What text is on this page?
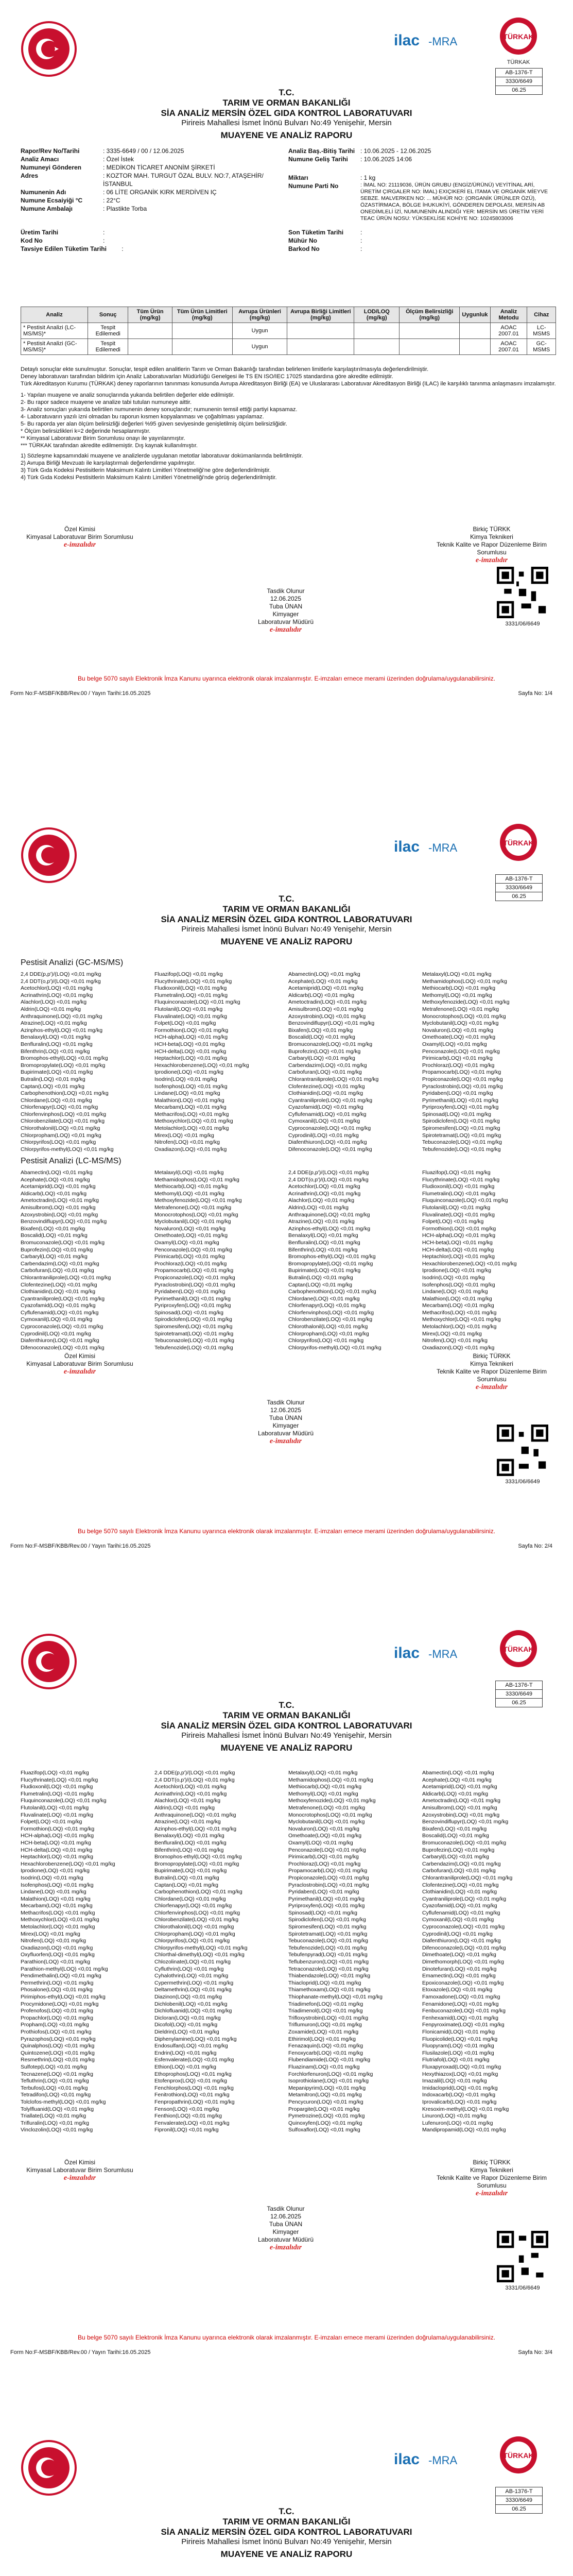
ilac -MRA	TÜRKAK
TÜRKAK
AB-1376-T
3330/6649
06.25
T.C.
TARIM VE ORMAN BAKANLIĞI
SİA ANALİZ MERSİN ÖZEL GIDA KONTROL LABORATUVARI
Pirireis Mahallesi İsmet İnönü Bulvarı No:49 Yenişehir, Mersin
MUAYENE VE ANALİZ RAPORU
Rapor/Rev No/Tarihi	: 3335-6649 / 00 / 12.06.2025
Analiz Amacı	: Özel İstek
Numuneyi Gönderen	: MEDİKON TİCARET ANONİM ŞİRKETİ
Adres	: KOZTOR MAH. TURGUT ÖZAL BULV. NO:7, ATAŞEHİR/İSTANBUL
Numunenin Adı	: 06 LİTE ORGANİK KIRK MERDİVEN IÇ
Numune Ecsaiyiği °C	: 22°C
Numune Ambalajı	: Plastikte Torba
Analiz Baş.-Bitiş Tarihi : 10.06.2025 - 12.06.2025
Numune Geliş Tarihi	: 10.06.2025 14:06
Miktarı	: 1 kg
Numune Parti No	: İMAL NO: 21119036, ÜRÜN GRUBU (ENGİZ/ÜRÜNÜ) VEYİTİNAL ARİ, ÜRETİM ÇIRGALER NO: İMAL) EXIÇIKERİ EL ITAMA VE ORGANİK MİEYVE SEBZE. MALVERKEN NO: ... MÜHÜR NO: (ORGANİK ÜRÜNLER ÖZÜ), ÖZASTİRMACA, BÖLGE İHUKUKİYİ, GÖNDEREN DEPOLASI, MERSİN AB ONEDİMLELİ İZİ, NUMUNENİN ALINDIĞI YER: MERSİN MS ÜRETİM YERİ TEAC ÜRÜN NOSU: YÜKSEKLİSE KOHİYE NO: 10245803006
Üretim Tarihi	:
Kod No	:
Tavsiye Edilen Tüketim Tarihi	:
Son Tüketim Tarihi	:
Mühür No	:
Barkod No	:
Analiz	Sonuç	Tüm Ürün (mg/kg)	Tüm Ürün Limitleri (mg/kg)	Avrupa Ürünleri (mg/kg)	Avrupa Birliği Limitleri (mg/kg)	LOD/LOQ (mg/kg)	Ölçüm Belirsizliği (mg/kg)	Uygunluk	Analiz Metodu	Cihaz
* Pestisit Analizi (LC-MS/MS)*	Tespit Edilemedi			Uygun					AOAC 2007.01	LC-MSMS
* Pestisit Analizi (GC-MS/MS)*	Tespit Edilemedi			Uygun					AOAC 2007.01	GC-MSMS
Detaylı sonuçlar ekte sunulmuştur. Sonuçlar, tespit edilen analitlerin Tarım ve Orman Bakanlığı tarafından belirlenen limitlerle karşılaştırılmasıyla değerlendirilmiştir.
Deney laboratuvarı tarafından bildirim için Analiz Laboratuvarları Müdürlüğü Genelgesi ile TS EN ISO/IEC 17025 standardına göre akredite edilmiştir.
Türk Akreditasyon Kurumu (TÜRKAK) deney raporlarının tanınması konusunda Avrupa Akreditasyon Birliği (EA) ve Uluslararası Laboratuvar Akreditasyon Birliği (ILAC) ile karşılıklı tanınma anlaşmasını imzalamıştır.
1- Yapılan muayene ve analiz sonuçlarında yukarıda belirtilen değerler elde edilmiştir.
2- Bu rapor sadece muayene ve analize tabi tutulan numuneye aittir.
3- Analiz sonuçları yukarıda belirtilen numunenin deney sonuçlarıdır; numunenin temsil ettiği partiyi kapsamaz.
4- Laboratuvarın yazılı izni olmadan bu raporun kısmen kopyalanması ve çoğaltılması yapılamaz.
5- Bu raporda yer alan ölçüm belirsizliği değerleri %95 güven seviyesinde genişletilmiş ölçüm belirsizliğidir.
* Ölçüm belirsizlikleri k=2 değerinde hesaplanmıştır.
** Kimyasal Laboratuvar Birim Sorumlusu onayı ile yayınlanmıştır.
*** TÜRKAK tarafından akredite edilmemiştir. Dış kaynak kullanılmıştır.
1) Sözleşme kapsamındaki muayene ve analizlerde uygulanan metotlar laboratuvar dokümanlarında belirtilmiştir.
2) Avrupa Birliği Mevzuatı ile karşılaştırmalı değerlendirme yapılmıştır.
3) Türk Gıda Kodeksi Pestisitlerin Maksimum Kalıntı Limitleri Yönetmeliği'ne göre değerlendirilmiştir.
4) Türk Gıda Kodeksi Pestisitlerin Maksimum Kalıntı Limitleri Yönetmeliği'nde görüş değerlendirilmiştir.
Özel Kimisi
Kimyasal Laboratuvar Birim Sorumlusu
e-imzalıdır
Birkiç TÜRKK
Kimya Teknikeri
Teknik Kalite ve Rapor Düzenleme Birim Sorumlusu
e-imzalıdır
Tasdik Olunur
12.06.2025
Tuba ÜNAN
Kimyager
Laboratuvar Müdürü
e-imzalıdır
3331/06/6649
Bu belge 5070 sayılı Elektronik İmza Kanunu uyarınca elektronik olarak imzalanmıştır. E-imzaları ernece merami üzerinden doğrulama/uygulanabilirsiniz.
Form No:F-MSBF/KBB/Rev.00 / Yayın Tarihi:16.05.2025	Sayfa No: 1/4
ilac -MRA	TÜRKAK
AB-1376-T
3330/6649
06.25
T.C.
TARIM VE ORMAN BAKANLIĞI
SİA ANALİZ MERSİN ÖZEL GIDA KONTROL LABORATUVARI
Pirireis Mahallesi İsmet İnönü Bulvarı No:49 Yenişehir, Mersin
MUAYENE VE ANALİZ RAPORU
Pestisit Analizi (GC-MS/MS)
2,4 DDE(p,p')/(LOQ) <0,01 mg/kg
2,4 DDT(o,p')/(LOQ) <0,01 mg/kg
Acetochlor(LOQ) <0,01 mg/kg
Acrinathrin(LOQ) <0,01 mg/kg
Alachlor(LOQ) <0,01 mg/kg
Aldrin(LOQ) <0,01 mg/kg
Anthraquinone(LOQ) <0,01 mg/kg
Atrazine(LOQ) <0,01 mg/kg
Azinphos-ethyl(LOQ) <0,01 mg/kg
Benalaxyl(LOQ) <0,01 mg/kg
Benfluralin(LOQ) <0,01 mg/kg
Bifenthrin(LOQ) <0,01 mg/kg
Bromophos-ethyl(LOQ) <0,01 mg/kg
Bromopropylate(LOQ) <0,01 mg/kg
Bupirimate(LOQ) <0,01 mg/kg
Butralin(LOQ) <0,01 mg/kg
Captan(LOQ) <0,01 mg/kg
Carbophenothion(LOQ) <0,01 mg/kg
Chlordane(LOQ) <0,01 mg/kg
Chlorfenapyr(LOQ) <0,01 mg/kg
Chlorfenvinphos(LOQ) <0,01 mg/kg
Chlorobenzilate(LOQ) <0,01 mg/kg
Chlorothalonil(LOQ) <0,01 mg/kg
Chlorpropham(LOQ) <0,01 mg/kg
Chlorpyrifos(LOQ) <0,01 mg/kg
Chlorpyrifos-methyl(LOQ) <0,01 mg/kg
Fluazifop(LOQ) <0,01 mg/kg
Flucythrinate(LOQ) <0,01 mg/kg
Fludioxonil(LOQ) <0,01 mg/kg
Flumetralin(LOQ) <0,01 mg/kg
Fluquinconazole(LOQ) <0,01 mg/kg
Flutolanil(LOQ) <0,01 mg/kg
Fluvalinate(LOQ) <0,01 mg/kg
Folpet(LOQ) <0,01 mg/kg
Formothion(LOQ) <0,01 mg/kg
HCH-alpha(LOQ) <0,01 mg/kg
HCH-beta(LOQ) <0,01 mg/kg
HCH-delta(LOQ) <0,01 mg/kg
Heptachlor(LOQ) <0,01 mg/kg
Hexachlorobenzene(LOQ) <0,01 mg/kg
Iprodione(LOQ) <0,01 mg/kg
Isodrin(LOQ) <0,01 mg/kg
Isofenphos(LOQ) <0,01 mg/kg
Lindane(LOQ) <0,01 mg/kg
Malathion(LOQ) <0,01 mg/kg
Mecarbam(LOQ) <0,01 mg/kg
Methacrifos(LOQ) <0,01 mg/kg
Methoxychlor(LOQ) <0,01 mg/kg
Metolachlor(LOQ) <0,01 mg/kg
Mirex(LOQ) <0,01 mg/kg
Nitrofen(LOQ) <0,01 mg/kg
Oxadiazon(LOQ) <0,01 mg/kg
Abamectin(LOQ) <0,01 mg/kg
Acephate(LOQ) <0,01 mg/kg
Acetamiprid(LOQ) <0,01 mg/kg
Aldicarb(LOQ) <0,01 mg/kg
Ametoctradin(LOQ) <0,01 mg/kg
Amisulbrom(LOQ) <0,01 mg/kg
Azoxystrobin(LOQ) <0,01 mg/kg
Benzovindiflupyr(LOQ) <0,01 mg/kg
Bixafen(LOQ) <0,01 mg/kg
Boscalid(LOQ) <0,01 mg/kg
Bromuconazole(LOQ) <0,01 mg/kg
Buprofezin(LOQ) <0,01 mg/kg
Carbaryl(LOQ) <0,01 mg/kg
Carbendazim(LOQ) <0,01 mg/kg
Carbofuran(LOQ) <0,01 mg/kg
Chlorantraniliprole(LOQ) <0,01 mg/kg
Clofentezine(LOQ) <0,01 mg/kg
Clothianidin(LOQ) <0,01 mg/kg
Cyantraniliprole(LOQ) <0,01 mg/kg
Cyazofamid(LOQ) <0,01 mg/kg
Cyflufenamid(LOQ) <0,01 mg/kg
Cymoxanil(LOQ) <0,01 mg/kg
Cyproconazole(LOQ) <0,01 mg/kg
Cyprodinil(LOQ) <0,01 mg/kg
Diafenthiuron(LOQ) <0,01 mg/kg
Difenoconazole(LOQ) <0,01 mg/kg
Metalaxyl(LOQ) <0,01 mg/kg
Methamidophos(LOQ) <0,01 mg/kg
Methiocarb(LOQ) <0,01 mg/kg
Methomyl(LOQ) <0,01 mg/kg
Methoxyfenozide(LOQ) <0,01 mg/kg
Metrafenone(LOQ) <0,01 mg/kg
Monocrotophos(LOQ) <0,01 mg/kg
Myclobutanil(LOQ) <0,01 mg/kg
Novaluron(LOQ) <0,01 mg/kg
Omethoate(LOQ) <0,01 mg/kg
Oxamyl(LOQ) <0,01 mg/kg
Penconazole(LOQ) <0,01 mg/kg
Pirimicarb(LOQ) <0,01 mg/kg
Prochloraz(LOQ) <0,01 mg/kg
Propamocarb(LOQ) <0,01 mg/kg
Propiconazole(LOQ) <0,01 mg/kg
Pyraclostrobin(LOQ) <0,01 mg/kg
Pyridaben(LOQ) <0,01 mg/kg
Pyrimethanil(LOQ) <0,01 mg/kg
Pyriproxyfen(LOQ) <0,01 mg/kg
Spinosad(LOQ) <0,01 mg/kg
Spirodiclofen(LOQ) <0,01 mg/kg
Spiromesifen(LOQ) <0,01 mg/kg
Spirotetramat(LOQ) <0,01 mg/kg
Tebuconazole(LOQ) <0,01 mg/kg
Tebufenozide(LOQ) <0,01 mg/kg
Pestisit Analizi (LC-MS/MS)
Abamectin(LOQ) <0,01 mg/kg
Acephate(LOQ) <0,01 mg/kg
Acetamiprid(LOQ) <0,01 mg/kg
Aldicarb(LOQ) <0,01 mg/kg
Ametoctradin(LOQ) <0,01 mg/kg
Amisulbrom(LOQ) <0,01 mg/kg
Azoxystrobin(LOQ) <0,01 mg/kg
Benzovindiflupyr(LOQ) <0,01 mg/kg
Bixafen(LOQ) <0,01 mg/kg
Boscalid(LOQ) <0,01 mg/kg
Bromuconazole(LOQ) <0,01 mg/kg
Buprofezin(LOQ) <0,01 mg/kg
Carbaryl(LOQ) <0,01 mg/kg
Carbendazim(LOQ) <0,01 mg/kg
Carbofuran(LOQ) <0,01 mg/kg
Chlorantraniliprole(LOQ) <0,01 mg/kg
Clofentezine(LOQ) <0,01 mg/kg
Clothianidin(LOQ) <0,01 mg/kg
Cyantraniliprole(LOQ) <0,01 mg/kg
Cyazofamid(LOQ) <0,01 mg/kg
Cyflufenamid(LOQ) <0,01 mg/kg
Cymoxanil(LOQ) <0,01 mg/kg
Cyproconazole(LOQ) <0,01 mg/kg
Cyprodinil(LOQ) <0,01 mg/kg
Diafenthiuron(LOQ) <0,01 mg/kg
Difenoconazole(LOQ) <0,01 mg/kg
Metalaxyl(LOQ) <0,01 mg/kg
Methamidophos(LOQ) <0,01 mg/kg
Methiocarb(LOQ) <0,01 mg/kg
Methomyl(LOQ) <0,01 mg/kg
Methoxyfenozide(LOQ) <0,01 mg/kg
Metrafenone(LOQ) <0,01 mg/kg
Monocrotophos(LOQ) <0,01 mg/kg
Myclobutanil(LOQ) <0,01 mg/kg
Novaluron(LOQ) <0,01 mg/kg
Omethoate(LOQ) <0,01 mg/kg
Oxamyl(LOQ) <0,01 mg/kg
Penconazole(LOQ) <0,01 mg/kg
Pirimicarb(LOQ) <0,01 mg/kg
Prochloraz(LOQ) <0,01 mg/kg
Propamocarb(LOQ) <0,01 mg/kg
Propiconazole(LOQ) <0,01 mg/kg
Pyraclostrobin(LOQ) <0,01 mg/kg
Pyridaben(LOQ) <0,01 mg/kg
Pyrimethanil(LOQ) <0,01 mg/kg
Pyriproxyfen(LOQ) <0,01 mg/kg
Spinosad(LOQ) <0,01 mg/kg
Spirodiclofen(LOQ) <0,01 mg/kg
Spiromesifen(LOQ) <0,01 mg/kg
Spirotetramat(LOQ) <0,01 mg/kg
Tebuconazole(LOQ) <0,01 mg/kg
Tebufenozide(LOQ) <0,01 mg/kg
2,4 DDE(p,p')/(LOQ) <0,01 mg/kg
2,4 DDT(o,p')/(LOQ) <0,01 mg/kg
Acetochlor(LOQ) <0,01 mg/kg
Acrinathrin(LOQ) <0,01 mg/kg
Alachlor(LOQ) <0,01 mg/kg
Aldrin(LOQ) <0,01 mg/kg
Anthraquinone(LOQ) <0,01 mg/kg
Atrazine(LOQ) <0,01 mg/kg
Azinphos-ethyl(LOQ) <0,01 mg/kg
Benalaxyl(LOQ) <0,01 mg/kg
Benfluralin(LOQ) <0,01 mg/kg
Bifenthrin(LOQ) <0,01 mg/kg
Bromophos-ethyl(LOQ) <0,01 mg/kg
Bromopropylate(LOQ) <0,01 mg/kg
Bupirimate(LOQ) <0,01 mg/kg
Butralin(LOQ) <0,01 mg/kg
Captan(LOQ) <0,01 mg/kg
Carbophenothion(LOQ) <0,01 mg/kg
Chlordane(LOQ) <0,01 mg/kg
Chlorfenapyr(LOQ) <0,01 mg/kg
Chlorfenvinphos(LOQ) <0,01 mg/kg
Chlorobenzilate(LOQ) <0,01 mg/kg
Chlorothalonil(LOQ) <0,01 mg/kg
Chlorpropham(LOQ) <0,01 mg/kg
Chlorpyrifos(LOQ) <0,01 mg/kg
Chlorpyrifos-methyl(LOQ) <0,01 mg/kg
Fluazifop(LOQ) <0,01 mg/kg
Flucythrinate(LOQ) <0,01 mg/kg
Fludioxonil(LOQ) <0,01 mg/kg
Flumetralin(LOQ) <0,01 mg/kg
Fluquinconazole(LOQ) <0,01 mg/kg
Flutolanil(LOQ) <0,01 mg/kg
Fluvalinate(LOQ) <0,01 mg/kg
Folpet(LOQ) <0,01 mg/kg
Formothion(LOQ) <0,01 mg/kg
HCH-alpha(LOQ) <0,01 mg/kg
HCH-beta(LOQ) <0,01 mg/kg
HCH-delta(LOQ) <0,01 mg/kg
Heptachlor(LOQ) <0,01 mg/kg
Hexachlorobenzene(LOQ) <0,01 mg/kg
Iprodione(LOQ) <0,01 mg/kg
Isodrin(LOQ) <0,01 mg/kg
Isofenphos(LOQ) <0,01 mg/kg
Lindane(LOQ) <0,01 mg/kg
Malathion(LOQ) <0,01 mg/kg
Mecarbam(LOQ) <0,01 mg/kg
Methacrifos(LOQ) <0,01 mg/kg
Methoxychlor(LOQ) <0,01 mg/kg
Metolachlor(LOQ) <0,01 mg/kg
Mirex(LOQ) <0,01 mg/kg
Nitrofen(LOQ) <0,01 mg/kg
Oxadiazon(LOQ) <0,01 mg/kg
Özel Kimisi
Kimyasal Laboratuvar Birim Sorumlusu
e-imzalıdır
Birkiç TÜRKK
Kimya Teknikeri
Teknik Kalite ve Rapor Düzenleme Birim Sorumlusu
e-imzalıdır
Tasdik Olunur
12.06.2025
Tuba ÜNAN
Kimyager
Laboratuvar Müdürü
e-imzalıdır
3331/06/6649
Bu belge 5070 sayılı Elektronik İmza Kanunu uyarınca elektronik olarak imzalanmıştır. E-imzaları ernece merami üzerinden doğrulama/uygulanabilirsiniz.
Form No:F-MSBF/KBB/Rev.00 / Yayın Tarihi:16.05.2025	Sayfa No: 2/4
ilac -MRA	TÜRKAK
AB-1376-T
3330/6649
06.25
T.C.
TARIM VE ORMAN BAKANLIĞI
SİA ANALİZ MERSİN ÖZEL GIDA KONTROL LABORATUVARI
Pirireis Mahallesi İsmet İnönü Bulvarı No:49 Yenişehir, Mersin
MUAYENE VE ANALİZ RAPORU
Fluazifop(LOQ) <0,01 mg/kg
Flucythrinate(LOQ) <0,01 mg/kg
Fludioxonil(LOQ) <0,01 mg/kg
Flumetralin(LOQ) <0,01 mg/kg
Fluquinconazole(LOQ) <0,01 mg/kg
Flutolanil(LOQ) <0,01 mg/kg
Fluvalinate(LOQ) <0,01 mg/kg
Folpet(LOQ) <0,01 mg/kg
Formothion(LOQ) <0,01 mg/kg
HCH-alpha(LOQ) <0,01 mg/kg
HCH-beta(LOQ) <0,01 mg/kg
HCH-delta(LOQ) <0,01 mg/kg
Heptachlor(LOQ) <0,01 mg/kg
Hexachlorobenzene(LOQ) <0,01 mg/kg
Iprodione(LOQ) <0,01 mg/kg
Isodrin(LOQ) <0,01 mg/kg
Isofenphos(LOQ) <0,01 mg/kg
Lindane(LOQ) <0,01 mg/kg
Malathion(LOQ) <0,01 mg/kg
Mecarbam(LOQ) <0,01 mg/kg
Methacrifos(LOQ) <0,01 mg/kg
Methoxychlor(LOQ) <0,01 mg/kg
Metolachlor(LOQ) <0,01 mg/kg
Mirex(LOQ) <0,01 mg/kg
Nitrofen(LOQ) <0,01 mg/kg
Oxadiazon(LOQ) <0,01 mg/kg
Oxyfluorfen(LOQ) <0,01 mg/kg
Parathion(LOQ) <0,01 mg/kg
Parathion-methyl(LOQ) <0,01 mg/kg
Pendimethalin(LOQ) <0,01 mg/kg
Permethrin(LOQ) <0,01 mg/kg
Phosalone(LOQ) <0,01 mg/kg
Pirimiphos-ethyl(LOQ) <0,01 mg/kg
Procymidone(LOQ) <0,01 mg/kg
Profenofos(LOQ) <0,01 mg/kg
Propachlor(LOQ) <0,01 mg/kg
Propham(LOQ) <0,01 mg/kg
Prothiofos(LOQ) <0,01 mg/kg
Pyrazophos(LOQ) <0,01 mg/kg
Quinalphos(LOQ) <0,01 mg/kg
Quintozene(LOQ) <0,01 mg/kg
Resmethrin(LOQ) <0,01 mg/kg
Sulfotep(LOQ) <0,01 mg/kg
Tecnazene(LOQ) <0,01 mg/kg
Tefluthrin(LOQ) <0,01 mg/kg
Terbufos(LOQ) <0,01 mg/kg
Tetradifon(LOQ) <0,01 mg/kg
Tolclofos-methyl(LOQ) <0,01 mg/kg
Tolylfluanid(LOQ) <0,01 mg/kg
Triallate(LOQ) <0,01 mg/kg
Trifluralin(LOQ) <0,01 mg/kg
Vinclozolin(LOQ) <0,01 mg/kg
2,4 DDE(p,p')/(LOQ) <0,01 mg/kg
2,4 DDT(o,p')/(LOQ) <0,01 mg/kg
Acetochlor(LOQ) <0,01 mg/kg
Acrinathrin(LOQ) <0,01 mg/kg
Alachlor(LOQ) <0,01 mg/kg
Aldrin(LOQ) <0,01 mg/kg
Anthraquinone(LOQ) <0,01 mg/kg
Atrazine(LOQ) <0,01 mg/kg
Azinphos-ethyl(LOQ) <0,01 mg/kg
Benalaxyl(LOQ) <0,01 mg/kg
Benfluralin(LOQ) <0,01 mg/kg
Bifenthrin(LOQ) <0,01 mg/kg
Bromophos-ethyl(LOQ) <0,01 mg/kg
Bromopropylate(LOQ) <0,01 mg/kg
Bupirimate(LOQ) <0,01 mg/kg
Butralin(LOQ) <0,01 mg/kg
Captan(LOQ) <0,01 mg/kg
Carbophenothion(LOQ) <0,01 mg/kg
Chlordane(LOQ) <0,01 mg/kg
Chlorfenapyr(LOQ) <0,01 mg/kg
Chlorfenvinphos(LOQ) <0,01 mg/kg
Chlorobenzilate(LOQ) <0,01 mg/kg
Chlorothalonil(LOQ) <0,01 mg/kg
Chlorpropham(LOQ) <0,01 mg/kg
Chlorpyrifos(LOQ) <0,01 mg/kg
Chlorpyrifos-methyl(LOQ) <0,01 mg/kg
Chlorthal-dimethyl(LOQ) <0,01 mg/kg
Chlozolinate(LOQ) <0,01 mg/kg
Cyfluthrin(LOQ) <0,01 mg/kg
Cyhalothrin(LOQ) <0,01 mg/kg
Cypermethrin(LOQ) <0,01 mg/kg
Deltamethrin(LOQ) <0,01 mg/kg
Diazinon(LOQ) <0,01 mg/kg
Dichlobenil(LOQ) <0,01 mg/kg
Dichlofluanid(LOQ) <0,01 mg/kg
Dicloran(LOQ) <0,01 mg/kg
Dicofol(LOQ) <0,01 mg/kg
Dieldrin(LOQ) <0,01 mg/kg
Diphenylamine(LOQ) <0,01 mg/kg
Endosulfan(LOQ) <0,01 mg/kg
Endrin(LOQ) <0,01 mg/kg
Esfenvalerate(LOQ) <0,01 mg/kg
Ethion(LOQ) <0,01 mg/kg
Ethoprophos(LOQ) <0,01 mg/kg
Etofenprox(LOQ) <0,01 mg/kg
Fenchlorphos(LOQ) <0,01 mg/kg
Fenitrothion(LOQ) <0,01 mg/kg
Fenpropathrin(LOQ) <0,01 mg/kg
Fenson(LOQ) <0,01 mg/kg
Fenthion(LOQ) <0,01 mg/kg
Fenvalerate(LOQ) <0,01 mg/kg
Fipronil(LOQ) <0,01 mg/kg
Metalaxyl(LOQ) <0,01 mg/kg
Methamidophos(LOQ) <0,01 mg/kg
Methiocarb(LOQ) <0,01 mg/kg
Methomyl(LOQ) <0,01 mg/kg
Methoxyfenozide(LOQ) <0,01 mg/kg
Metrafenone(LOQ) <0,01 mg/kg
Monocrotophos(LOQ) <0,01 mg/kg
Myclobutanil(LOQ) <0,01 mg/kg
Novaluron(LOQ) <0,01 mg/kg
Omethoate(LOQ) <0,01 mg/kg
Oxamyl(LOQ) <0,01 mg/kg
Penconazole(LOQ) <0,01 mg/kg
Pirimicarb(LOQ) <0,01 mg/kg
Prochloraz(LOQ) <0,01 mg/kg
Propamocarb(LOQ) <0,01 mg/kg
Propiconazole(LOQ) <0,01 mg/kg
Pyraclostrobin(LOQ) <0,01 mg/kg
Pyridaben(LOQ) <0,01 mg/kg
Pyrimethanil(LOQ) <0,01 mg/kg
Pyriproxyfen(LOQ) <0,01 mg/kg
Spinosad(LOQ) <0,01 mg/kg
Spirodiclofen(LOQ) <0,01 mg/kg
Spiromesifen(LOQ) <0,01 mg/kg
Spirotetramat(LOQ) <0,01 mg/kg
Tebuconazole(LOQ) <0,01 mg/kg
Tebufenozide(LOQ) <0,01 mg/kg
Tebufenpyrad(LOQ) <0,01 mg/kg
Teflubenzuron(LOQ) <0,01 mg/kg
Tetraconazole(LOQ) <0,01 mg/kg
Thiabendazole(LOQ) <0,01 mg/kg
Thiacloprid(LOQ) <0,01 mg/kg
Thiamethoxam(LOQ) <0,01 mg/kg
Thiophanate-methyl(LOQ) <0,01 mg/kg
Triadimefon(LOQ) <0,01 mg/kg
Triadimenol(LOQ) <0,01 mg/kg
Trifloxystrobin(LOQ) <0,01 mg/kg
Triflumuron(LOQ) <0,01 mg/kg
Zoxamide(LOQ) <0,01 mg/kg
Ethirimol(LOQ) <0,01 mg/kg
Fenazaquin(LOQ) <0,01 mg/kg
Fenoxycarb(LOQ) <0,01 mg/kg
Flubendiamide(LOQ) <0,01 mg/kg
Fluazinam(LOQ) <0,01 mg/kg
Forchlorfenuron(LOQ) <0,01 mg/kg
Isoprothiolane(LOQ) <0,01 mg/kg
Mepanipyrim(LOQ) <0,01 mg/kg
Metamitron(LOQ) <0,01 mg/kg
Pencycuron(LOQ) <0,01 mg/kg
Propargite(LOQ) <0,01 mg/kg
Pymetrozine(LOQ) <0,01 mg/kg
Quinoxyfen(LOQ) <0,01 mg/kg
Sulfoxaflor(LOQ) <0,01 mg/kg
Abamectin(LOQ) <0,01 mg/kg
Acephate(LOQ) <0,01 mg/kg
Acetamiprid(LOQ) <0,01 mg/kg
Aldicarb(LOQ) <0,01 mg/kg
Ametoctradin(LOQ) <0,01 mg/kg
Amisulbrom(LOQ) <0,01 mg/kg
Azoxystrobin(LOQ) <0,01 mg/kg
Benzovindiflupyr(LOQ) <0,01 mg/kg
Bixafen(LOQ) <0,01 mg/kg
Boscalid(LOQ) <0,01 mg/kg
Bromuconazole(LOQ) <0,01 mg/kg
Buprofezin(LOQ) <0,01 mg/kg
Carbaryl(LOQ) <0,01 mg/kg
Carbendazim(LOQ) <0,01 mg/kg
Carbofuran(LOQ) <0,01 mg/kg
Chlorantraniliprole(LOQ) <0,01 mg/kg
Clofentezine(LOQ) <0,01 mg/kg
Clothianidin(LOQ) <0,01 mg/kg
Cyantraniliprole(LOQ) <0,01 mg/kg
Cyazofamid(LOQ) <0,01 mg/kg
Cyflufenamid(LOQ) <0,01 mg/kg
Cymoxanil(LOQ) <0,01 mg/kg
Cyproconazole(LOQ) <0,01 mg/kg
Cyprodinil(LOQ) <0,01 mg/kg
Diafenthiuron(LOQ) <0,01 mg/kg
Difenoconazole(LOQ) <0,01 mg/kg
Dimethoate(LOQ) <0,01 mg/kg
Dimethomorph(LOQ) <0,01 mg/kg
Dinotefuran(LOQ) <0,01 mg/kg
Emamectin(LOQ) <0,01 mg/kg
Epoxiconazole(LOQ) <0,01 mg/kg
Etoxazole(LOQ) <0,01 mg/kg
Famoxadone(LOQ) <0,01 mg/kg
Fenamidone(LOQ) <0,01 mg/kg
Fenbuconazole(LOQ) <0,01 mg/kg
Fenhexamid(LOQ) <0,01 mg/kg
Fenpyroximate(LOQ) <0,01 mg/kg
Flonicamid(LOQ) <0,01 mg/kg
Fluopicolide(LOQ) <0,01 mg/kg
Fluopyram(LOQ) <0,01 mg/kg
Flusilazole(LOQ) <0,01 mg/kg
Flutriafol(LOQ) <0,01 mg/kg
Fluxapyroxad(LOQ) <0,01 mg/kg
Hexythiazox(LOQ) <0,01 mg/kg
Imazalil(LOQ) <0,01 mg/kg
Imidacloprid(LOQ) <0,01 mg/kg
Indoxacarb(LOQ) <0,01 mg/kg
Iprovalicarb(LOQ) <0,01 mg/kg
Kresoxim-methyl(LOQ) <0,01 mg/kg
Linuron(LOQ) <0,01 mg/kg
Lufenuron(LOQ) <0,01 mg/kg
Mandipropamid(LOQ) <0,01 mg/kg
Özel Kimisi
Kimyasal Laboratuvar Birim Sorumlusu
e-imzalıdır
Birkiç TÜRKK
Kimya Teknikeri
Teknik Kalite ve Rapor Düzenleme Birim Sorumlusu
e-imzalıdır
Tasdik Olunur
12.06.2025
Tuba ÜNAN
Kimyager
Laboratuvar Müdürü
e-imzalıdır
3331/06/6649
Bu belge 5070 sayılı Elektronik İmza Kanunu uyarınca elektronik olarak imzalanmıştır. E-imzaları ernece merami üzerinden doğrulama/uygulanabilirsiniz.
Form No:F-MSBF/KBB/Rev.00 / Yayın Tarihi:16.05.2025	Sayfa No: 3/4
ilac -MRA	TÜRKAK
AB-1376-T
3330/6649
06.25
T.C.
TARIM VE ORMAN BAKANLIĞI
SİA ANALİZ MERSİN ÖZEL GIDA KONTROL LABORATUVARI
Pirireis Mahallesi İsmet İnönü Bulvarı No:49 Yenişehir, Mersin
MUAYENE VE ANALİZ RAPORU
